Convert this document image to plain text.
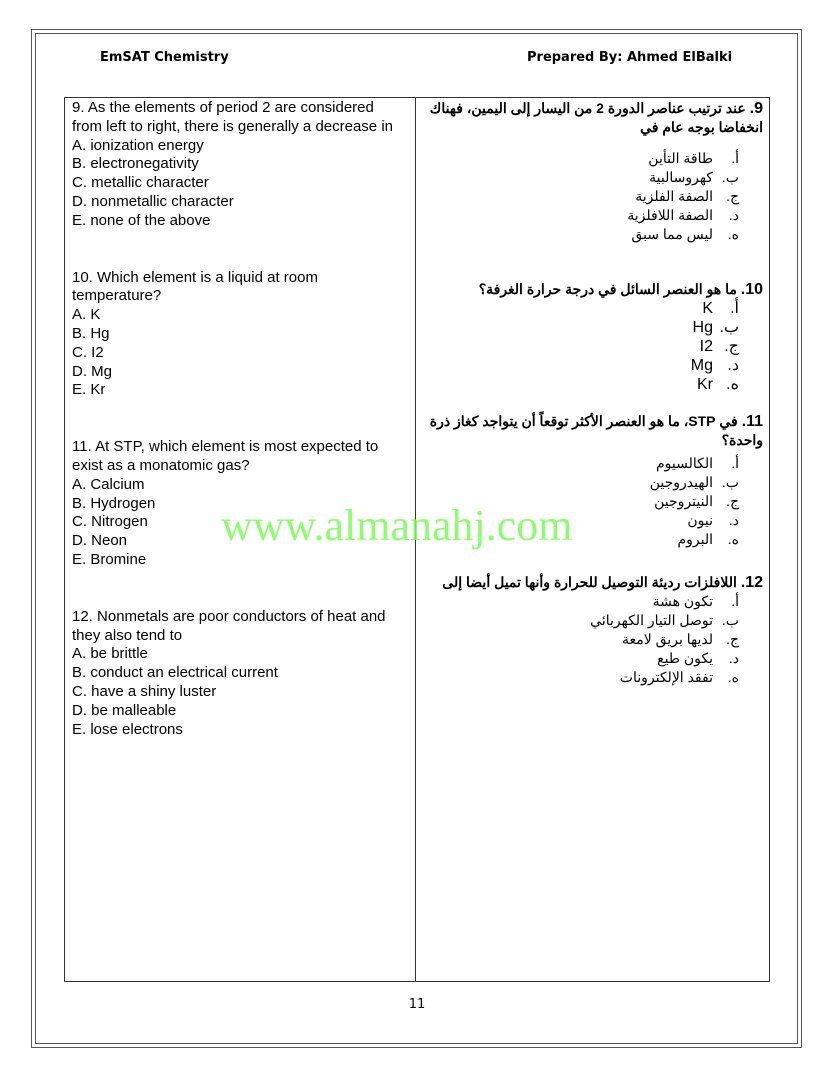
EmSAT Chemistry	Prepared By: Ahmed ElBalki

9. As the elements of period 2 are considered from left to right, there is generally a decrease in

A. ionization energy

B. electronegativity

C. metallic character

D. nonmetallic character

E. none of the above

10. Which element is a liquid at room temperature?

A. K

B. Hg

C. I2

D. Mg

E. Kr

11. At STP, which element is most expected to exist as a monatomic gas?

A. Calcium

B. Hydrogen

C. Nitrogen

D. Neon

E. Bromine

12. Nonmetals are poor conductors of heat and they also tend to

A. be brittle

B. conduct an electrical current

C. have a shiny luster

D. be malleable

E. lose electrons

9. عند ترتيب عناصر الدورة 2 من اليسار إلى اليمين، فهناك انخفاضا بوجه عام في

أ.
طاقة التأين
ب.
كهروسالبية
ج.
الصفة الفلزية
د.
الصفة اللافلزية
ه.
ليس مما سبق

10. ما هو العنصر السائل في درجة حرارة الغرفة؟

أ.
K
ب.
Hg
ج.
I2
د.
Mg
ه.
Kr

11. في STP، ما هو العنصر الأكثر توقعاً أن يتواجد كغاز ذرة واحدة؟

أ.
الكالسيوم
ب.
الهيدروجين
ج.
النيتروجين
د.
نيون
ه.
البروم

12. اللافلزات رديئة التوصيل للحرارة وأنها تميل أيضا إلى

أ.
تكون هشة
ب.
توصل التيار الكهربائي
ج.
لديها بريق لامعة
د.
يكون طيع
ه.
تفقد الإلكترونات
www.almanahj.com
11
